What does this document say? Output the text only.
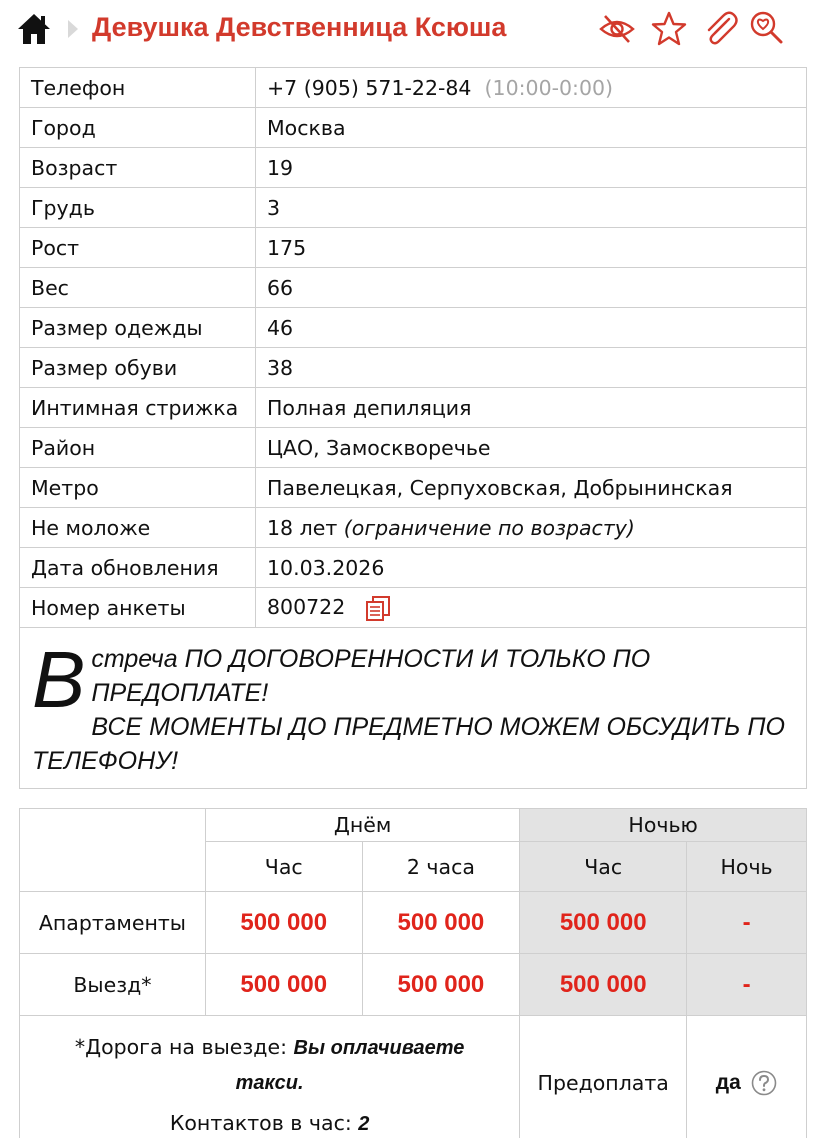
Девушка Девственница Ксюша
Телефон	+7 (905) 571-22-84 (10:00-0:00)
Город	Москва
Возраст	19
Грудь	3
Рост	175
Вес	66
Размер одежды	46
Размер обуви	38
Интимная стрижка	Полная депиляция
Район	ЦАО, Замоскворечье
Метро	Павелецкая, Серпуховская, Добрынинская
Не моложе	18 лет (ограничение по возрасту)
Дата обновления	10.03.2026
Номер анкеты	800722

В стреча ПО ДОГОВОРЕННОСТИ И ТОЛЬКО ПО ПРЕДОПЛАТЕ!
ВСЕ МОМЕНТЫ ДО ПРЕДМЕТНО МОЖЕМ ОБСУДИТЬ ПО ТЕЛЕФОНУ!	
	Днём		Ночью	
	Час	2 часа	Час	Ночь
Апартаменты	500 000	500 000	500 000	-
Выезд*	500 000	500 000	500 000	-
*Дорога на выезде: Вы оплачиваете такси.
Контактов в час: 2			Предоплата	да
